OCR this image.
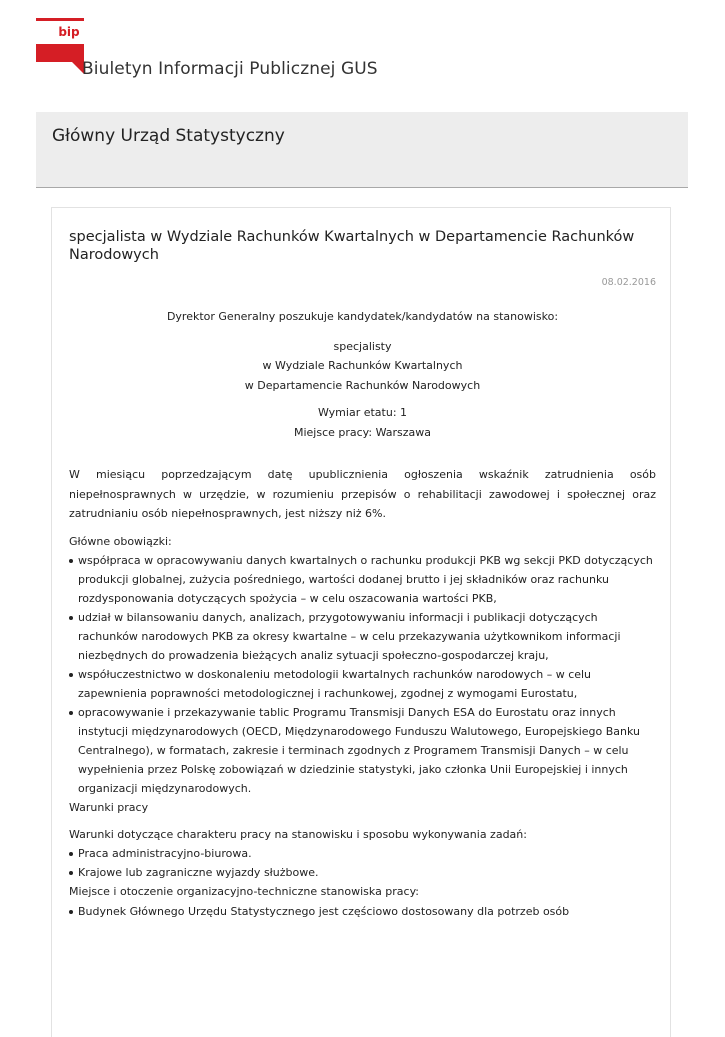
bip
Biuletyn Informacji Publicznej GUS
Główny Urząd Statystyczny
specjalista w Wydziale Rachunków Kwartalnych w Departamencie Rachunków Narodowych
08.02.2016
Dyrektor Generalny poszukuje kandydatek/kandydatów na stanowisko:
specjalisty
w Wydziale Rachunków Kwartalnych
w Departamencie Rachunków Narodowych
Wymiar etatu: 1
Miejsce pracy: Warszawa
W miesiącu poprzedzającym datę upublicznienia ogłoszenia wskaźnik zatrudnienia osób niepełnosprawnych w urzędzie, w rozumieniu przepisów o rehabilitacji zawodowej i społecznej oraz zatrudnianiu osób niepełnosprawnych, jest niższy niż 6%.
Główne obowiązki:
współpraca w opracowywaniu danych kwartalnych o rachunku produkcji PKB wg sekcji PKD dotyczących produkcji globalnej, zużycia pośredniego, wartości dodanej brutto i jej składników oraz rachunku rozdysponowania dotyczących spożycia – w celu oszacowania wartości PKB,
udział w bilansowaniu danych, analizach, przygotowywaniu informacji i publikacji dotyczących rachunków narodowych PKB za okresy kwartalne – w celu przekazywania użytkownikom informacji niezbędnych do prowadzenia bieżących analiz sytuacji społeczno-gospodarczej kraju,
współuczestnictwo w doskonaleniu metodologii kwartalnych rachunków narodowych – w celu zapewnienia poprawności metodologicznej i rachunkowej, zgodnej z wymogami Eurostatu,
opracowywanie i przekazywanie tablic Programu Transmisji Danych ESA do Eurostatu oraz innych instytucji międzynarodowych (OECD, Międzynarodowego Funduszu Walutowego, Europejskiego Banku Centralnego), w formatach, zakresie i terminach zgodnych z Programem Transmisji Danych – w celu wypełnienia przez Polskę zobowiązań w dziedzinie statystyki, jako członka Unii Europejskiej i innych organizacji międzynarodowych.
Warunki pracy
Warunki dotyczące charakteru pracy na stanowisku i sposobu wykonywania zadań:
Praca administracyjno-biurowa.
Krajowe lub zagraniczne wyjazdy służbowe.
Miejsce i otoczenie organizacyjno-techniczne stanowiska pracy:
Budynek Głównego Urzędu Statystycznego jest częściowo dostosowany dla potrzeb osób
